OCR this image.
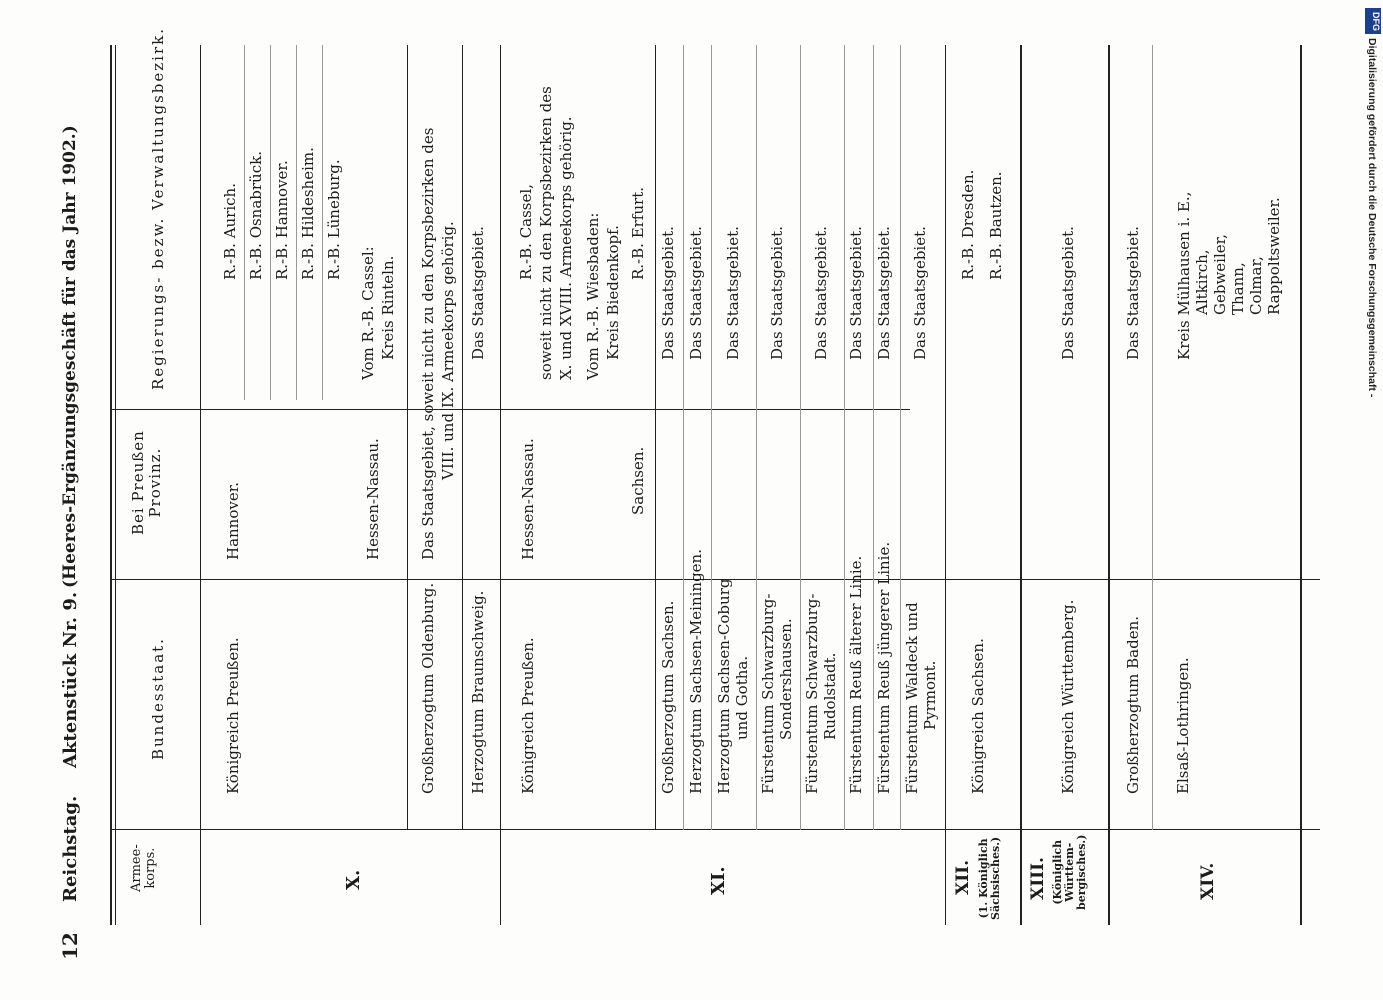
DFG
Digitalisierung gefördert durch die Deutsche Forschungsgemeinschaft -
12
Reichstag.
Aktenstück Nr. 9.
(Heeres-Ergänzungsgeschäft für das Jahr 1902.)
Armee-
korps.
Bundesstaat.
Bei Preußen
Provinz.
Regierungs- bezw. Verwaltungsbezirk.
X.
Königreich Preußen.
Hannover.
R.-B. Aurich. R.-B. Osnabrück. R.-B. Hannover. R.-B. Hildesheim. R.-B. Lüneburg.
Hessen-Nassau.
Vom R.-B. Cassel: Kreis Rinteln.
Großherzogtum Oldenburg.
Das Staatsgebiet, soweit nicht zu den Korpsbezirken des VIII. und IX. Armeekorps gehörig.
Herzogtum Braunschweig.
Das Staatsgebiet.
XI.
Königreich Preußen.
Hessen-Nassau.
R.-B. Cassel, soweit nicht zu den Korpsbezirken des X. und XVIII. Armeekorps gehörig. Vom R.-B. Wiesbaden: Kreis Biedenkopf.
Sachsen.
R.-B. Erfurt.
Großherzogtum Sachsen.
Das Staatsgebiet.
Herzogtum Sachsen-Meiningen.
Das Staatsgebiet.
Herzogtum Sachsen-Coburg und Gotha.
Das Staatsgebiet.
Fürstentum Schwarzburg- Sondershausen.
Das Staatsgebiet.
Fürstentum Schwarzburg- Rudolstadt.
Das Staatsgebiet.
Fürstentum Reuß älterer Linie.
Das Staatsgebiet.
Fürstentum Reuß jüngerer Linie.
Das Staatsgebiet.
Fürstentum Waldeck und Pyrmont.
Das Staatsgebiet.
XII.
(1. Königlich
Sächsisches.)
Königreich Sachsen.
R.-B. Dresden. R.-B. Bautzen.
XIII. (Königlich
Württem-
bergisches.)
Königreich Württemberg.
Das Staatsgebiet.
XIV.
Großherzogtum Baden.
Das Staatsgebiet.
Elsaß-Lothringen.
Kreis Mülhausen i. E., Altkirch, Gebweiler, Thann, Colmar, Rappoltsweiler.
